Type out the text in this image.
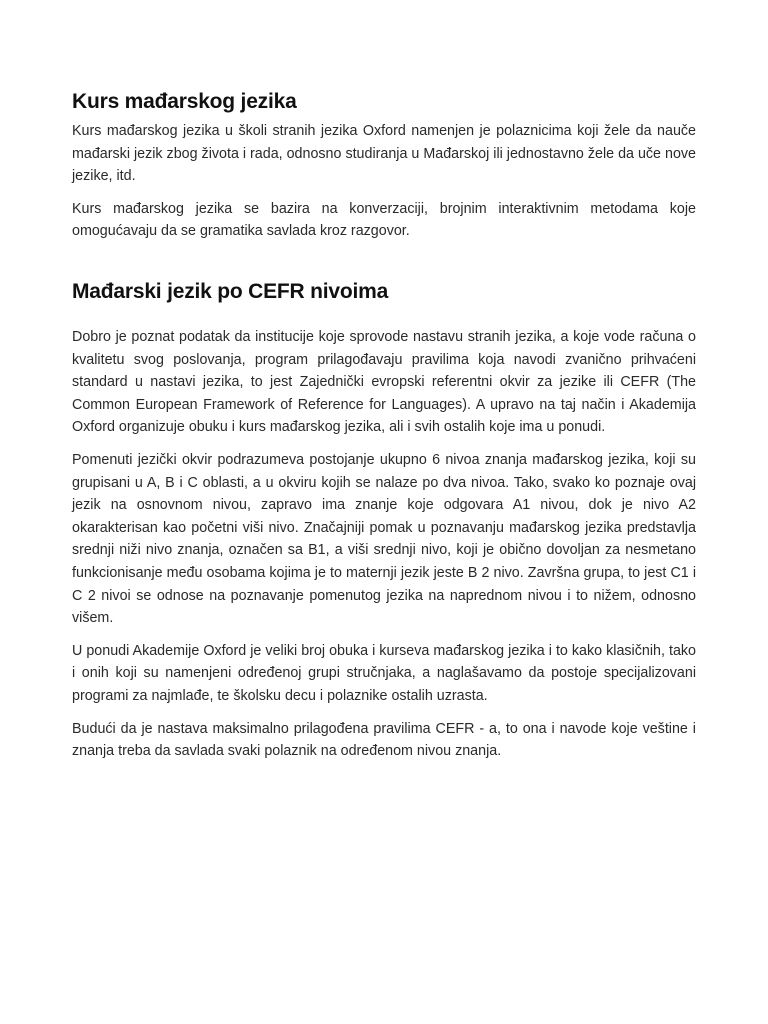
Kurs mađarskog jezika

Kurs mađarskog jezika u školi stranih jezika Oxford namenjen je polaznicima koji žele da nauče mađarski jezik zbog života i rada, odnosno studiranja u Mađarskoj ili jednostavno žele da uče nove jezike, itd.

Kurs mađarskog jezika se bazira na konverzaciji, brojnim interaktivnim metodama koje omogućavaju da se gramatika savlada kroz razgovor.

Mađarski jezik po CEFR nivoima

Dobro je poznat podatak da institucije koje sprovode nastavu stranih jezika, a koje vode računa o kvalitetu svog poslovanja, program prilagođavaju pravilima koja navodi zvanično prihvaćeni standard u nastavi jezika, to jest Zajednički evropski referentni okvir za jezike ili CEFR (The Common European Framework of Reference for Languages). A upravo na taj način i Akademija Oxford organizuje obuku i kurs mađarskog jezika, ali i svih ostalih koje ima u ponudi.

Pomenuti jezički okvir podrazumeva postojanje ukupno 6 nivoa znanja mađarskog jezika, koji su grupisani u A, B i C oblasti, a u okviru kojih se nalaze po dva nivoa. Tako, svako ko poznaje ovaj jezik na osnovnom nivou, zapravo ima znanje koje odgovara A1 nivou, dok je nivo A2 okarakterisan kao početni viši nivo. Značajniji pomak u poznavanju mađarskog jezika predstavlja srednji niži nivo znanja, označen sa B1, a viši srednji nivo, koji je obično dovoljan za nesmetano funkcionisanje među osobama kojima je to maternji jezik jeste B 2 nivo. Završna grupa, to jest C1 i C 2 nivoi se odnose na poznavanje pomenutog jezika na naprednom nivou i to nižem, odnosno višem.

U ponudi Akademije Oxford je veliki broj obuka i kurseva mađarskog jezika i to kako klasičnih, tako i onih koji su namenjeni određenoj grupi stručnjaka, a naglašavamo da postoje specijalizovani programi za najmlađe, te školsku decu i polaznike ostalih uzrasta.

Budući da je nastava maksimalno prilagođena pravilima CEFR - a, to ona i navode koje veštine i znanja treba da savlada svaki polaznik na određenom nivou znanja.
